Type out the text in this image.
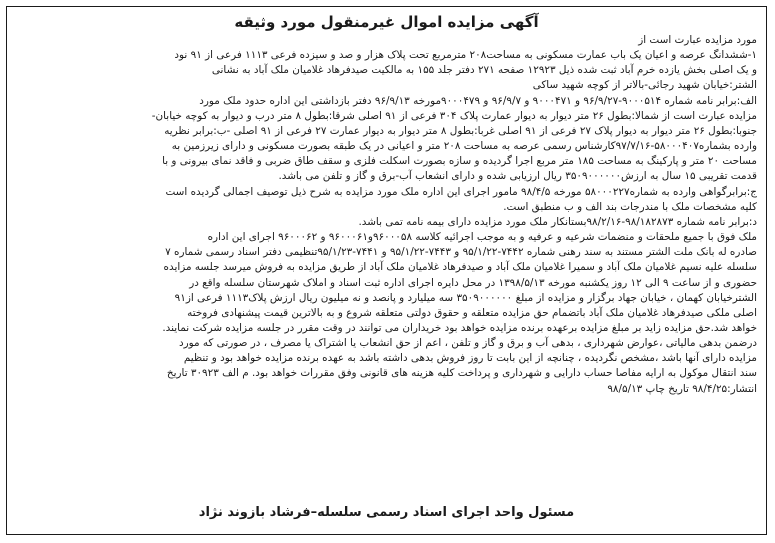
آگهی مزایده اموال غیرمنقول مورد وثیقه
مورد مزایده عبارت است از
۱-ششدانگ عرصه و اعیان یک باب عمارت مسکونی به مساحت۲۰۸ مترمربع تحت پلاک هزار و صد و سیزده فرعی ۱۱۱۳ فرعی از ۹۱ نود
و یک اصلی بخش یازده خرم آباد ثبت شده ذیل ۱۲۹۲۳ صفحه ۲۷۱ دفتر جلد ۱۵۵ به مالکیت صیدفرهاد غلامیان ملک آباد به نشانی
الشتر:خیابان شهید رجائی-بالاتر از کوچه شهید ساکی
الف:برابر نامه شماره ۹۰۰۰۵۱۴-۹۶/۹/۲۷ و ۹۰۰۰۴۷۱ و ۹۶/۹/۷ و ۹۰۰۰۴۷۹مورخه ۹۶/۹/۱۳ دفتر بازداشتی این اداره حدود ملک مورد
مزایده عبارت است از شمالا:بطول ۲۶ متر دیوار به دیوار عمارت پلاک ۳۰۴ فرعی از ۹۱ اصلی شرقا:بطول ۸ متر درب و دیوار به کوچه خیابان-
جنوبا:بطول ۲۶ متر دیوار به دیوار پلاک ۲۷ فرعی از ۹۱ اصلی غربا:بطول ۸ متر دیوار به دیوار عمارت ۲۷ فرعی از ۹۱ اصلی -ب:برابر نظریه
وارده بشماره۵۸۰۰۰۴۰۷-۹۷/۷/۱۶کارشناس رسمی عرصه به مساحت ۲۰۸ متر و اعیانی در یک طبقه بصورت مسکونی و دارای زیرزمین به
مساحت ۲۰ متر و پارکینگ به مساحت ۱۸۵ متر مربع اجرا گردیده و سازه بصورت اسکلت فلزی و سقف طاق ضربی و فاقد نمای بیرونی و با
قدمت تقریبی ۱۵ سال به ارزش۳۵۰۹۰۰۰۰۰۰ ریال ارزیابی شده و دارای انشعاب آب-برق و گاز و تلفن می باشد.
ج:برابرگواهی وارده به شماره۵۸۰۰۰۲۲۷ مورخه ۹۸/۴/۵ مامور اجرای این اداره ملک مورد مزایده به شرح ذیل توصیف اجمالی گردیده است
کلیه مشخصات ملک با مندرجات بند الف و ب منطبق است.
د:برابر نامه شماره ۹۸/۱۸۲۸۷۳-۹۸/۲/۱۶بستانکار ملک مورد مزایده دارای بیمه نامه تمی باشد.
ملک فوق با جمیع ملحقات و منضمات شرعیه و عرفیه و به موجب اجرائیه کلاسه ۹۶۰۰۰۵۸و۹۶۰۰۰۶۱ و ۹۶۰۰۰۶۲ اجرای این اداره
صادره له بانک ملت الشتر مستند به سند رهنی شماره ۷۴۴۲-۹۵/۱/۲۲ و ۷۴۴۳-۹۵/۱/۲۲ و ۷۴۴۱-۹۵/۱/۲۳تنظیمی دفتر اسناد رسمی شماره ۷
سلسله علیه نسیم غلامیان ملک آباد و سمیرا غلامیان ملک آباد و صیدفرهاد غلامیان ملک آباد از طریق مزایده به فروش میرسد جلسه مزایده
حضوری و از ساعت ۹ الی ۱۲ روز یکشنبه مورخه ۱۳۹۸/۵/۱۳ در محل دایره اجرای اداره ثبت اسناد و املاک شهرستان سلسله واقع در
الشترخیابان کهمان ، خیابان جهاد برگزار و مزایده از مبلغ ۳۵۰۹۰۰۰۰۰۰ سه میلیارد و پانصد و نه میلیون ریال ارزش پلاک۱۱۱۳ فرعی از۹۱
اصلی ملکی صیدفرهاد غلامیان ملک آباد باتضمام حق مزایده متعلقه و حقوق دولتی متعلقه شروع و به بالاترین قیمت پیشنهادی فروخته
خواهد شد.حق مزایده زاید بر مبلغ مزایده برعهده برنده مزایده خواهد بود خریداران می توانند در وقت مقرر در جلسه مزایده شرکت نمایند.
درضمن بدهی مالیاتی ،عوارض شهرداری ، بدهی آب و برق و گاز و تلفن ، اعم از حق انشعاب یا اشتراک یا مصرف ، در صورتی که مورد
مزایده دارای آنها باشد ،مشخص نگردیده ، چنانچه از این بابت تا روز فروش بدهی داشته باشد به عهده برنده مزایده خواهد بود و تنظیم
سند انتقال موکول به ارایه مفاصا حساب دارایی و شهرداری و پرداخت کلیه هزینه های قانونی وفق مقررات خواهد بود. م الف ۳۰۹۲۳ تاریخ
انتشار:۹۸/۴/۲۵ تاریخ چاپ ۹۸/۵/۱۳
مسئول واحد اجرای اسناد رسمی سلسله–فرشاد بازوند نژاد
